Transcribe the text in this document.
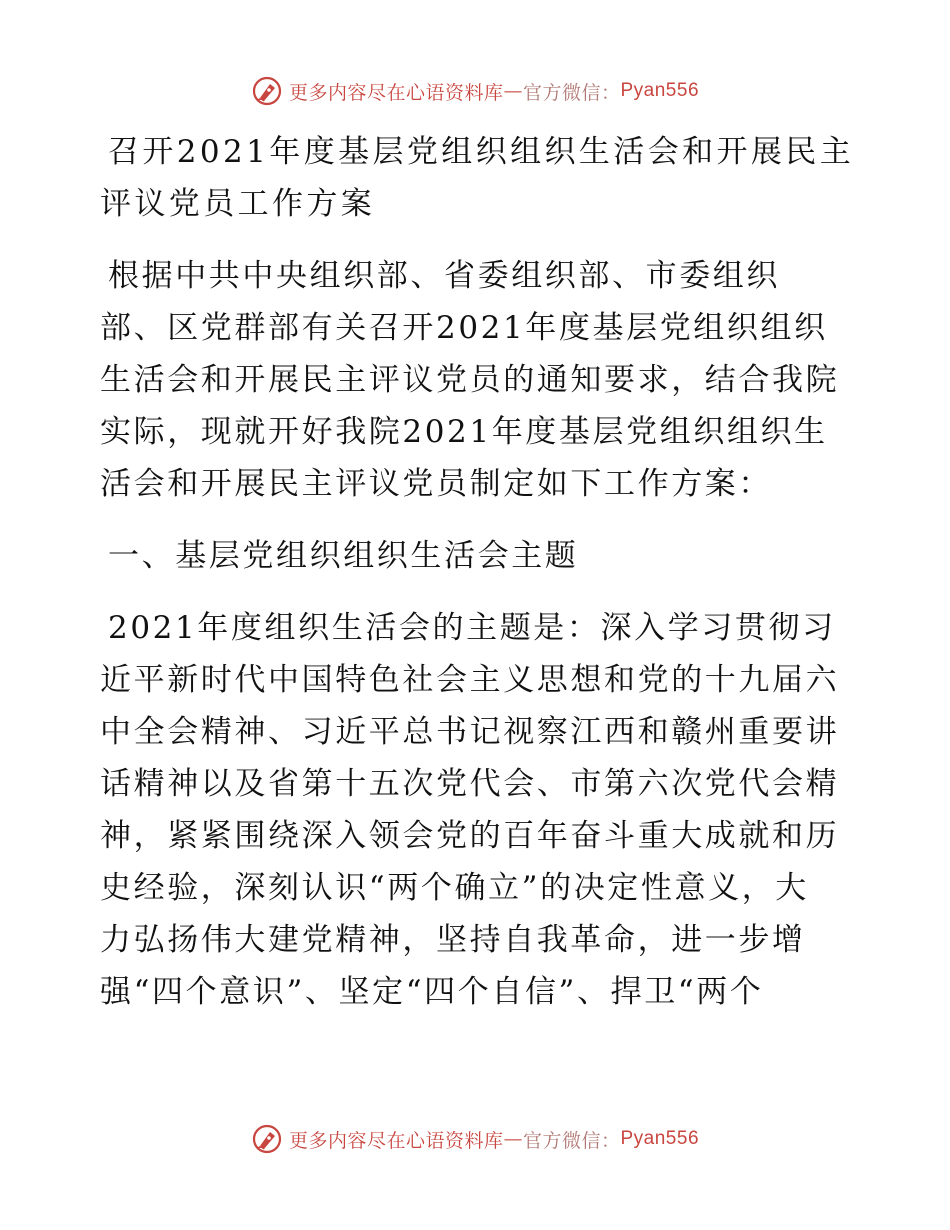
更多内容尽在心语资料库 — 官方微信： Pyan556
召开2021年度基层党组织组织生活会和开展民主
评议党员工作方案
根据中共中央组织部、省委组织部、市委组织
部、区党群部有关召开2021年度基层党组织组织
生活会和开展民主评议党员的通知要求，结合我院
实际，现就开好我院2021年度基层党组织组织生
活会和开展民主评议党员制定如下工作方案：
一、基层党组织组织生活会主题
2021年度组织生活会的主题是：深入学习贯彻习
近平新时代中国特色社会主义思想和党的十九届六
中全会精神、习近平总书记视察江西和赣州重要讲
话精神以及省第十五次党代会、市第六次党代会精
神，紧紧围绕深入领会党的百年奋斗重大成就和历
史经验，深刻认识“两个确立”的决定性意义，大
力弘扬伟大建党精神，坚持自我革命，进一步增
强“四个意识”、坚定“四个自信”、捍卫“两个
更多内容尽在心语资料库 — 官方微信： Pyan556
